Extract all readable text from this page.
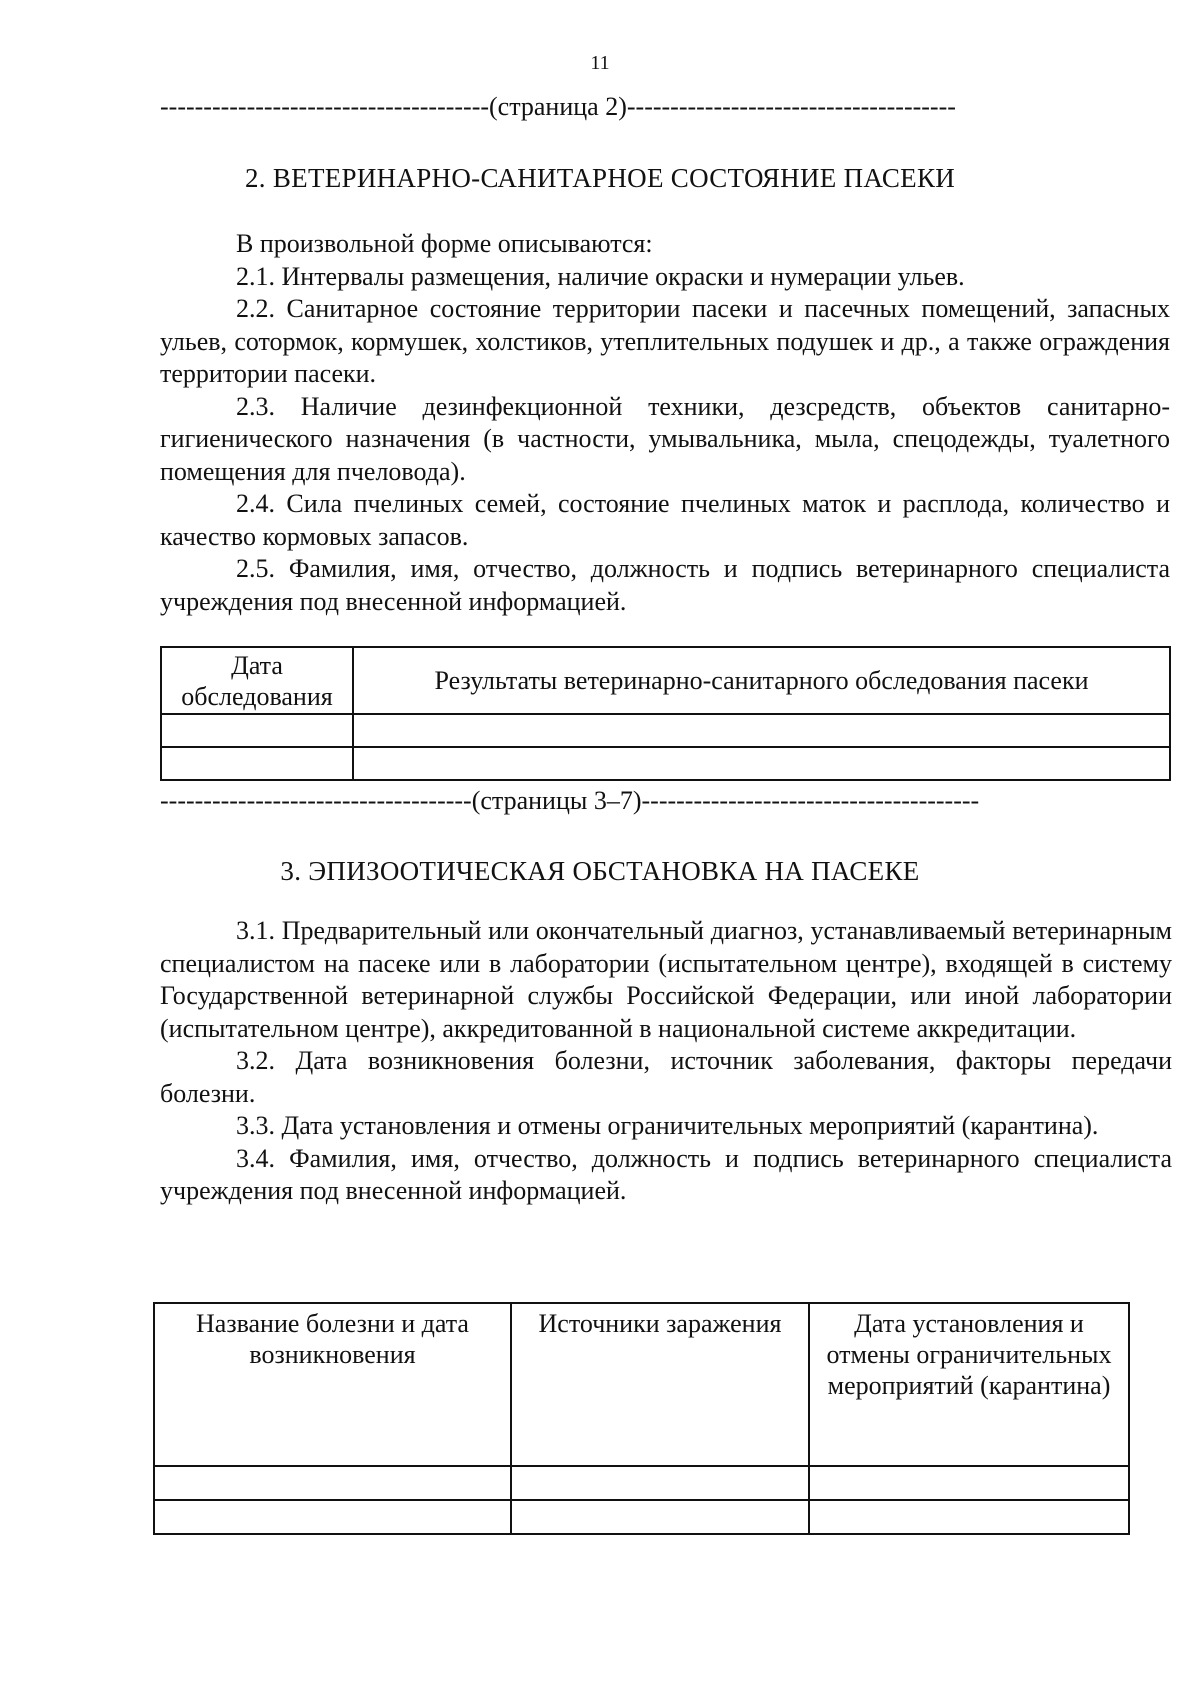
11
--------------------------------------(страница 2)--------------------------------------
2. ВЕТЕРИНАРНО-САНИТАРНОЕ СОСТОЯНИЕ ПАСЕКИ

В произвольной форме описываются:

2.1. Интервалы размещения, наличие окраски и нумерации ульев.

2.2. Санитарное состояние территории пасеки и пасечных помещений, запасных ульев, сотормок, кормушек, холстиков, утеплительных подушек и др., а также ограждения территории пасеки.

2.3. Наличие дезинфекционной техники, дезсредств, объектов санитарно-гигиенического назначения (в частности, умывальника, мыла, спецодежды, туалетного помещения для пчеловода).

2.4. Сила пчелиных семей, состояние пчелиных маток и расплода, количество и качество кормовых запасов.

2.5. Фамилия, имя, отчество, должность и подпись ветеринарного специалиста учреждения под внесенной информацией.

Дата обследования	Результаты ветеринарно-санитарного обследования пасеки

------------------------------------(страницы 3–7)---------------------------------------
3. ЭПИЗООТИЧЕСКАЯ ОБСТАНОВКА НА ПАСЕКЕ

3.1. Предварительный или окончательный диагноз, устанавливаемый ветеринарным специалистом на пасеке или в лаборатории (испытательном центре), входящей в систему Государственной ветеринарной службы Российской Федерации, или иной лаборатории (испытательном центре), аккредитованной в национальной системе аккредитации.

3.2. Дата возникновения болезни, источник заболевания, факторы передачи болезни.

3.3. Дата установления и отмены ограничительных мероприятий (карантина).

3.4. Фамилия, имя, отчество, должность и подпись ветеринарного специалиста учреждения под внесенной информацией.

Название болезни и дата возникновения	Источники заражения	Дата установления и отмены ограничительных мероприятий (карантина)
